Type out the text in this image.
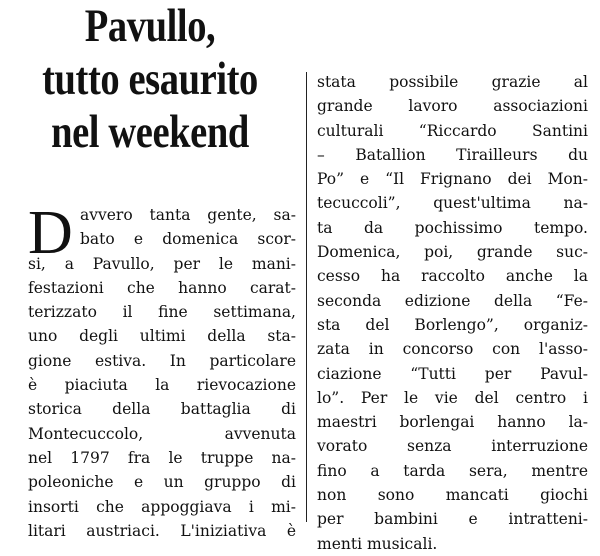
Pavullo,
tutto esaurito
nel weekend
D avvero tanta gente, sa-
bato e domenica scor-
si, a Pavullo, per le mani-
festazioni che hanno carat-
terizzato il fine settimana,
uno degli ultimi della sta-
gione estiva. In particolare
è piaciuta la rievocazione
storica della battaglia di
Montecuccolo, avvenuta
nel 1797 fra le truppe na-
poleoniche e un gruppo di
insorti che appoggiava i mi-
litari austriaci. L'iniziativa è
stata possibile grazie al
grande lavoro associazioni
culturali “Riccardo Santini
– Batallion Tiraillеurs du
Po” e “Il Frignano dei Mon-
tecuccoli”, quest'ultima na-
ta da pochissimo tempo.
Domenica, poi, grande suc-
cesso ha raccolto anche la
seconda edizione della “Fe-
sta del Borlengo”, organiz-
zata in concorso con l'asso-
ciazione “Tutti per Pavul-
lo”. Per le vie del centro i
maestri borlengai hanno la-
vorato senza interruzione
fino a tarda sera, mentre
non sono mancati giochi
per bambini e intratteni-
menti musicali.
